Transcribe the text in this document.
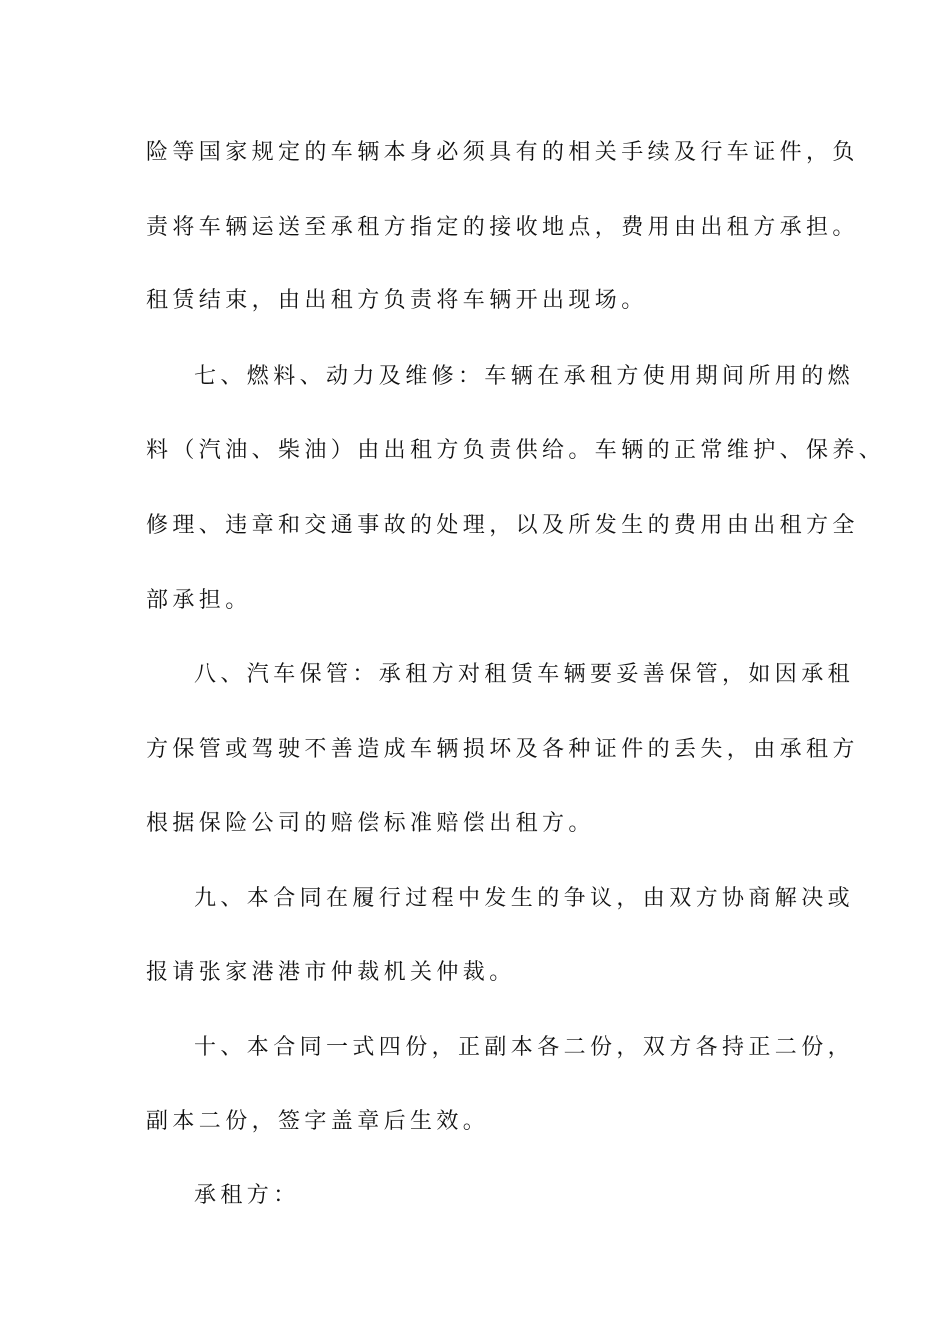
险等国家规定的车辆本身必须具有的相关手续及行车证件，负
责将车辆运送至承租方指定的接收地点，费用由出租方承担。
租赁结束，由出租方负责将车辆开出现场。
七、燃料、动力及维修：车辆在承租方使用期间所用的燃
料（汽油、柴油）由出租方负责供给。车辆的正常维护、保养、
修理、违章和交通事故的处理，以及所发生的费用由出租方全
部承担。
八、汽车保管：承租方对租赁车辆要妥善保管，如因承租
方保管或驾驶不善造成车辆损坏及各种证件的丢失，由承租方
根据保险公司的赔偿标准赔偿出租方。
九、本合同在履行过程中发生的争议，由双方协商解决或
报请张家港港市仲裁机关仲裁。
十、本合同一式四份，正副本各二份，双方各持正二份，
副本二份，签字盖章后生效。
承租方：
